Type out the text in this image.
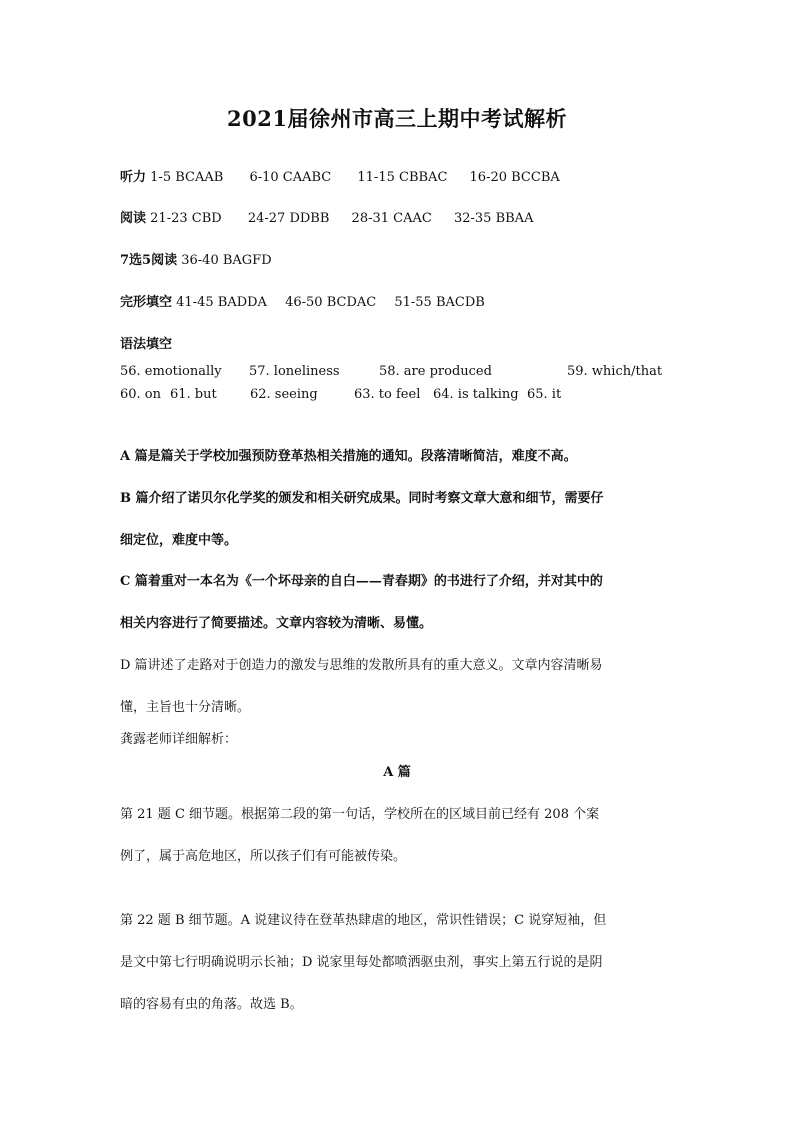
2021届徐州市高三上期中考试解析
听力 1-5 BCAAB 6-10 CAABC 11-15 CBBAC 16-20 BCCBA
阅读 21-23 CBD 24-27 DDBB 28-31 CAAC 32-35 BBAA
7选5阅读 36-40 BAGFD
完形填空 41-45 BADDA 46-50 BCDAC 51-55 BACDB
语法填空
56. emotionally 57. loneliness	58. are produced	59. which/that
60. on 61. but	62. seeing	63. to feel 64. is talking 65. it
A 篇是篇关于学校加强预防登革热相关措施的通知。段落清晰简洁，难度不高。
B 篇介绍了诺贝尔化学奖的颁发和相关研究成果。同时考察文章大意和细节，需要仔
细定位，难度中等。
C 篇着重对一本名为《一个坏母亲的自白——青春期》的书进行了介绍，并对其中的
相关内容进行了简要描述。文章内容较为清晰、易懂。
D 篇讲述了走路对于创造力的激发与思维的发散所具有的重大意义。文章内容清晰易
懂，主旨也十分清晰。
龚露老师详细解析：
A 篇
第 21 题 C 细节题。根据第二段的第一句话，学校所在的区域目前已经有 208 个案
例了，属于高危地区，所以孩子们有可能被传染。
第 22 题 B 细节题。A 说建议待在登革热肆虐的地区，常识性错误；C 说穿短袖，但
是文中第七行明确说明示长袖；D 说家里每处都喷洒驱虫剂，事实上第五行说的是阴
暗的容易有虫的角落。故选 B。
